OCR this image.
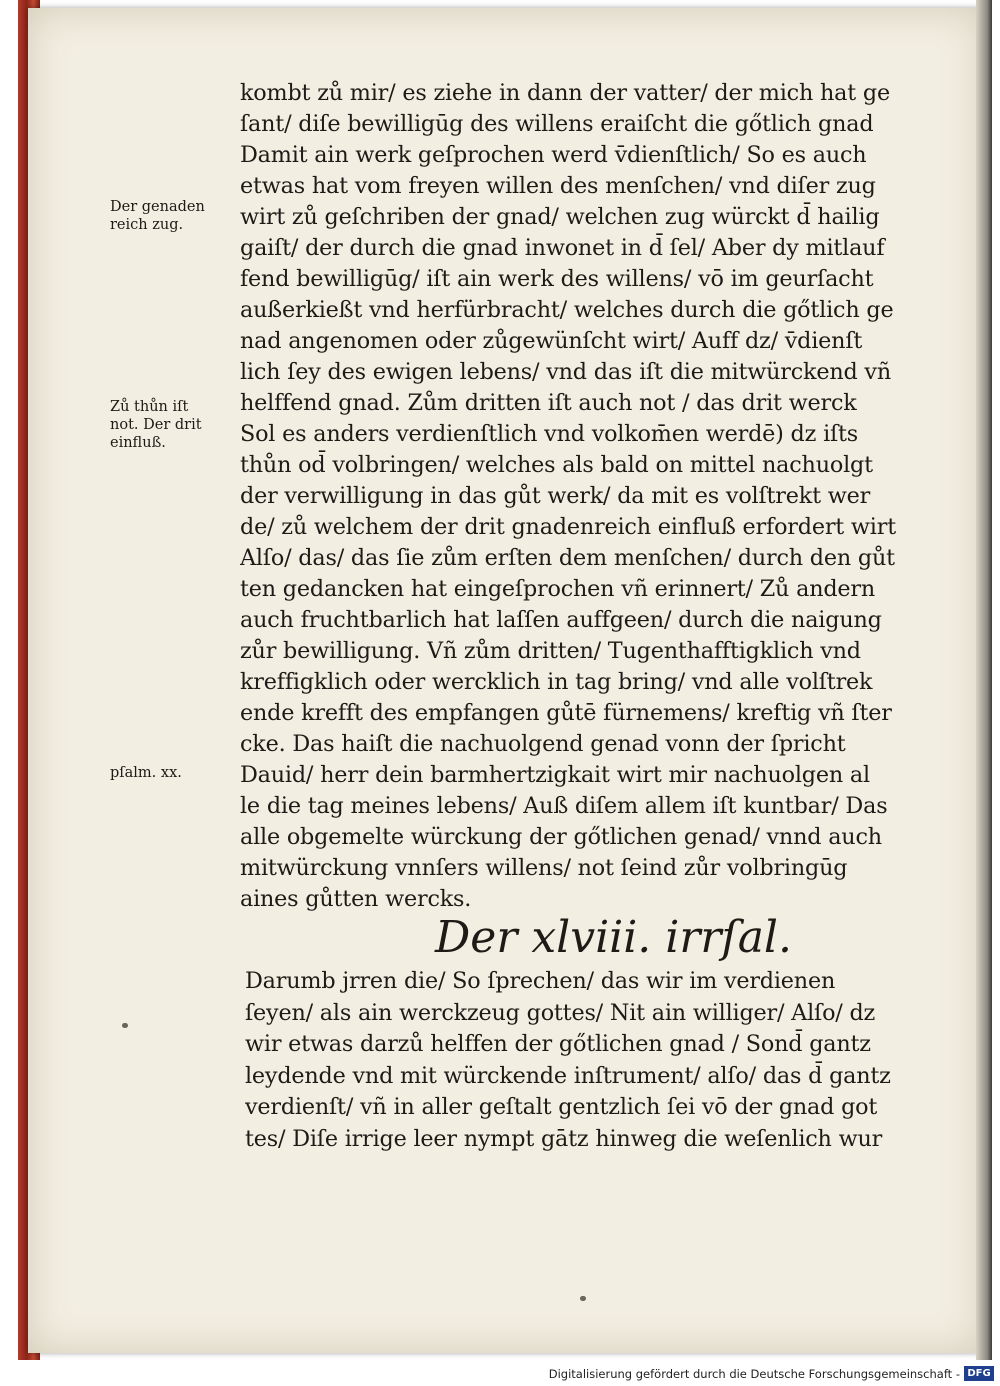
Der genaden
reich zug.
Zů thůn iſt
not. Der drit
einfluß.
pſalm. xx.
kombt zů mir/ es ziehe in dann der vatter/ der mich hat ge
ſant/ diſe bewilligūg des willens eraiſcht die gőtlich gnad
Damit ain werk geſprochen werd v̄dienſtlich/ So es auch
etwas hat vom freyen willen des menſchen/ vnd diſer zug
wirt zů geſchriben der gnad/ welchen zug würckt d̄ hailig
gaiſt/ der durch die gnad inwonet in d̄ ſel/ Aber dy mitlauf
fend bewilligūg/ iſt ain werk des willens/ vō im geurſacht
außerkießt vnd herfürbracht/ welches durch die gőtlich ge
nad angenomen oder zůgewünſcht wirt/ Auff dz/ v̄dienſt
lich ſey des ewigen lebens/ vnd das iſt die mitwürckend vñ
helffend gnad. Zům dritten iſt auch not / das drit werck
Sol es anders verdienſtlich vnd volkom̄en werdē) dz iſts
thůn od̄ volbringen/ welches als bald on mittel nachuolgt
der verwilligung in das gůt werk/ da mit es volſtrekt wer
de/ zů welchem der drit gnadenreich einfluß erfordert wirt
Alſo/ das/ das ſie zům erſten dem menſchen/ durch den gůt
ten gedancken hat eingeſprochen vñ erinnert/ Zů andern
auch fruchtbarlich hat laſſen auffgeen/ durch die naigung
zůr bewilligung. Vñ zům dritten/ Tugenthafftigklich vnd
kreffigklich oder wercklich in tag bring/ vnd alle volſtrek
ende krefft des empfangen gůtē fürnemens/ kreftig vñ ſter
cke. Das haiſt die nachuolgend genad vonn der ſpricht
Dauid/ herr dein barmhertzigkait wirt mir nachuolgen al
le die tag meines lebens/ Auß diſem allem iſt kuntbar/ Das
alle obgemelte würckung der gőtlichen genad/ vnnd auch
mitwürckung vnnſers willens/ not ſeind zůr volbringūg
aines gůtten wercks.
Der xlviii. irrſal.
Darumb jrren die/ So ſprechen/ das wir im verdienen
ſeyen/ als ain werckzeug gottes/ Nit ain williger/ Alſo/ dz
wir etwas darzů helffen der gőtlichen gnad / Sond̄ gantz
leydende vnd mit würckende inſtrument/ alſo/ das d̄ gantz
verdienſt/ vñ in aller geſtalt gentzlich ſei vō der gnad got
tes/ Diſe irrige leer nympt gātz hinweg die weſenlich wur
Digitalisierung gefördert durch die Deutsche Forschungsgemeinschaft - DFG
